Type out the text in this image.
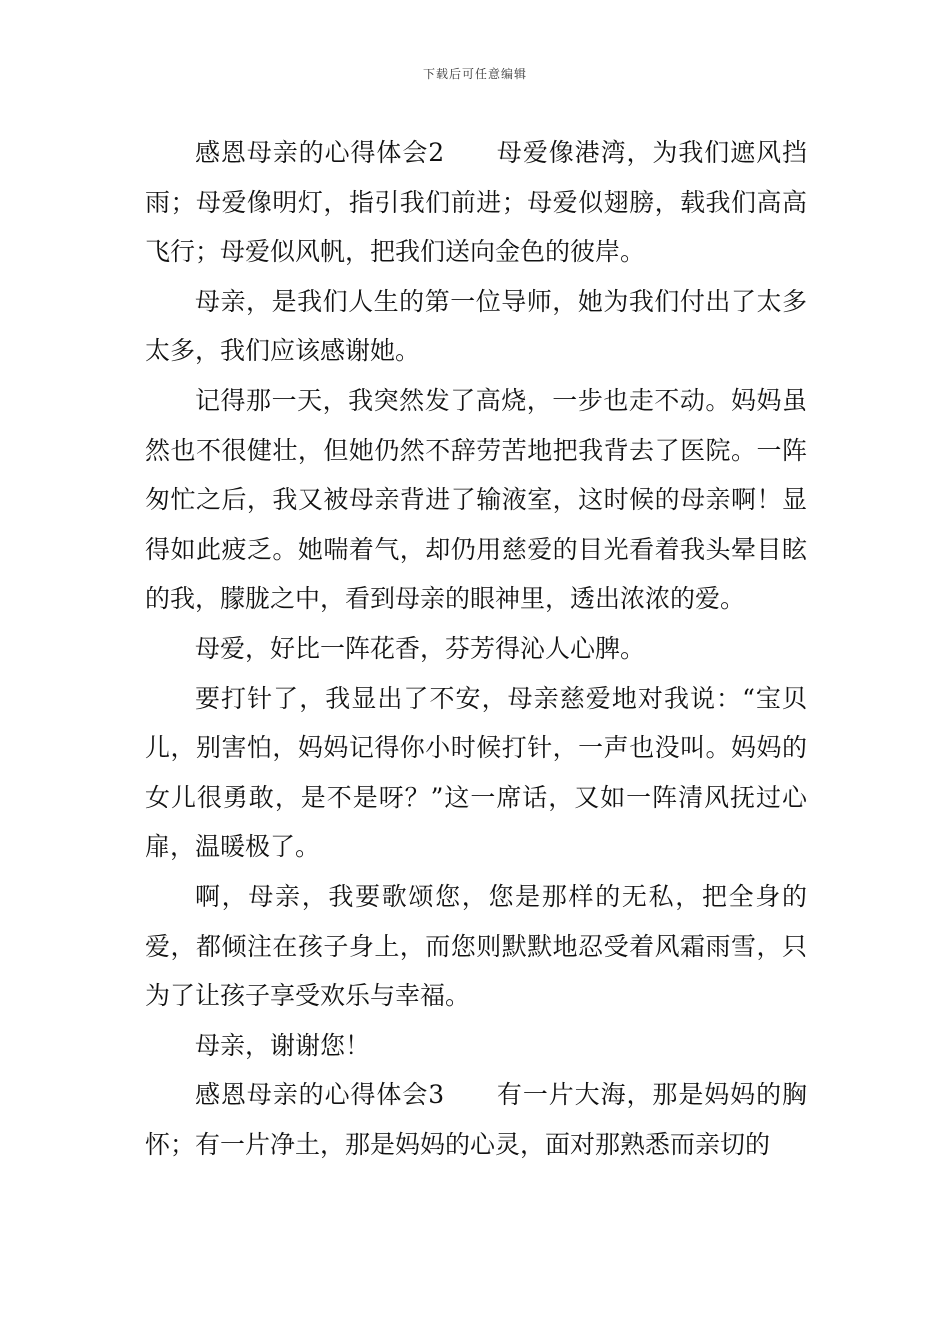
下载后可任意编辑

感恩母亲的心得体会2　　母爱像港湾，为我们遮风挡雨；母爱像明灯，指引我们前进；母爱似翅膀，载我们高高飞行；母爱似风帆，把我们送向金色的彼岸。

母亲，是我们人生的第一位导师，她为我们付出了太多太多，我们应该感谢她。

记得那一天，我突然发了高烧，一步也走不动。妈妈虽然也不很健壮，但她仍然不辞劳苦地把我背去了医院。一阵匆忙之后，我又被母亲背进了输液室，这时候的母亲啊！显得如此疲乏。她喘着气，却仍用慈爱的目光看着我头晕目眩的我，朦胧之中，看到母亲的眼神里，透出浓浓的爱。

母爱，好比一阵花香，芬芳得沁人心脾。

要打针了，我显出了不安，母亲慈爱地对我说：“宝贝儿，别害怕，妈妈记得你小时候打针，一声也没叫。妈妈的女儿很勇敢，是不是呀？”这一席话，又如一阵清风抚过心扉，温暖极了。

啊，母亲，我要歌颂您，您是那样的无私，把全身的爱，都倾注在孩子身上，而您则默默地忍受着风霜雨雪，只为了让孩子享受欢乐与幸福。

母亲，谢谢您！

感恩母亲的心得体会3　　有一片大海，那是妈妈的胸怀；有一片净土，那是妈妈的心灵，面对那熟悉而亲切的
